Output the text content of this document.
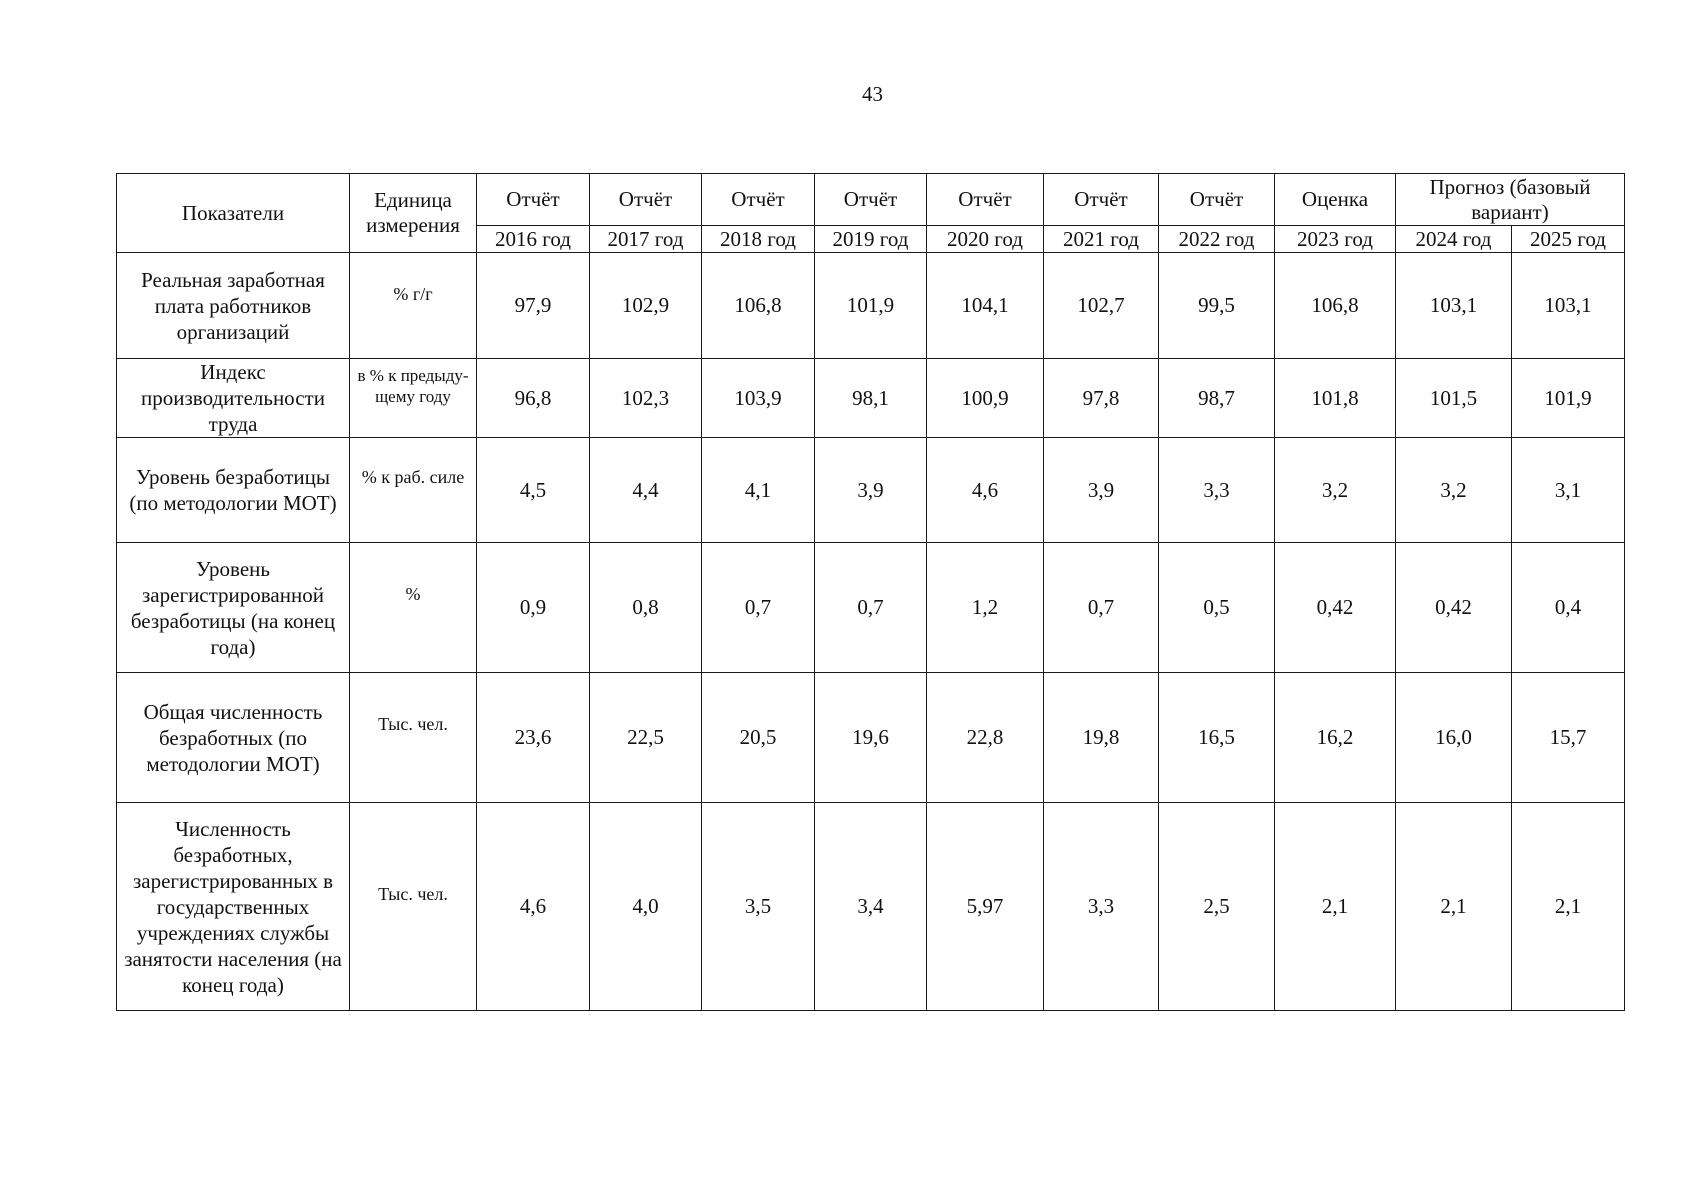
43
Показатели	Единица измерения	Отчёт	Отчёт	Отчёт	Отчёт	Отчёт	Отчёт	Отчёт	Оценка	Прогноз (базовый вариант)	
		2016 год	2017 год	2018 год	2019 год	2020 год	2021 год	2022 год	2023 год	2024 год	2025 год
Реальная заработная плата работников организаций	% г/г	97,9	102,9	106,8	101,9	104,1	102,7	99,5	106,8	103,1	103,1
Индекс производительности труда	в % к предыду-щему году	96,8	102,3	103,9	98,1	100,9	97,8	98,7	101,8	101,5	101,9
Уровень безработицы (по методологии МОТ)	% к раб. силе	4,5	4,4	4,1	3,9	4,6	3,9	3,3	3,2	3,2	3,1
Уровень зарегистрированной безработицы (на конец года)	%	0,9	0,8	0,7	0,7	1,2	0,7	0,5	0,42	0,42	0,4
Общая численность безработных (по методологии МОТ)	Тыс. чел.	23,6	22,5	20,5	19,6	22,8	19,8	16,5	16,2	16,0	15,7
Численность безработных, зарегистрированных в государственных учреждениях службы занятости населения (на конец года)	Тыс. чел.	4,6	4,0	3,5	3,4	5,97	3,3	2,5	2,1	2,1	2,1
